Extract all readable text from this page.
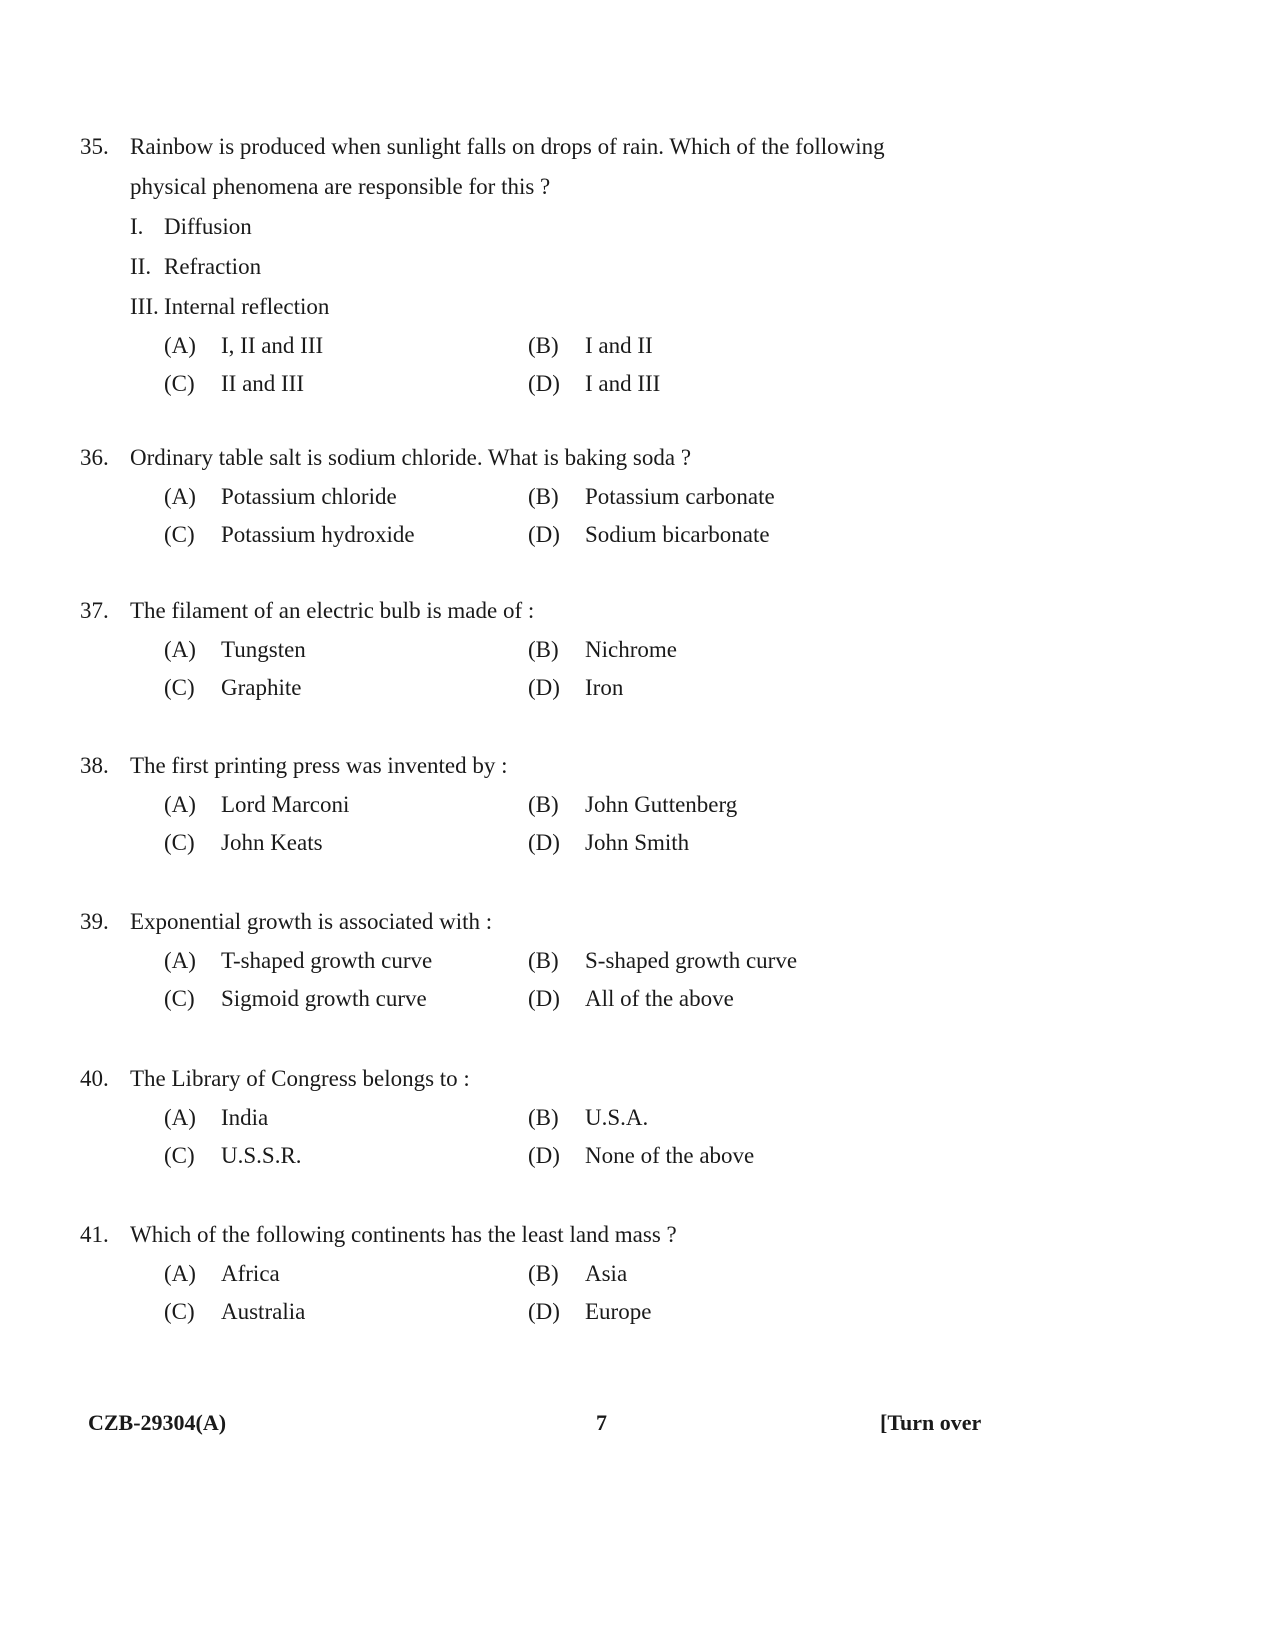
35. Rainbow is produced when sunlight falls on drops of rain. Which of the following
physical phenomena are responsible for this ?
I. Diffusion
II. Refraction
III. Internal reflection
(A) I, II and III	(B) I and II
(C) II and III	(D) I and III
36. Ordinary table salt is sodium chloride. What is baking soda ?
(A) Potassium chloride	(B) Potassium carbonate
(C) Potassium hydroxide	(D) Sodium bicarbonate
37. The filament of an electric bulb is made of :
(A) Tungsten	(B) Nichrome
(C) Graphite	(D) Iron
38. The first printing press was invented by :
(A) Lord Marconi	(B) John Guttenberg
(C) John Keats	(D) John Smith
39. Exponential growth is associated with :
(A) T-shaped growth curve	(B) S-shaped growth curve
(C) Sigmoid growth curve	(D) All of the above
40. The Library of Congress belongs to :
(A) India	(B) U.S.A.
(C) U.S.S.R.	(D) None of the above
41. Which of the following continents has the least land mass ?
(A) Africa	(B) Asia
(C) Australia	(D) Europe
CZB-29304(A)	7	[Turn over
